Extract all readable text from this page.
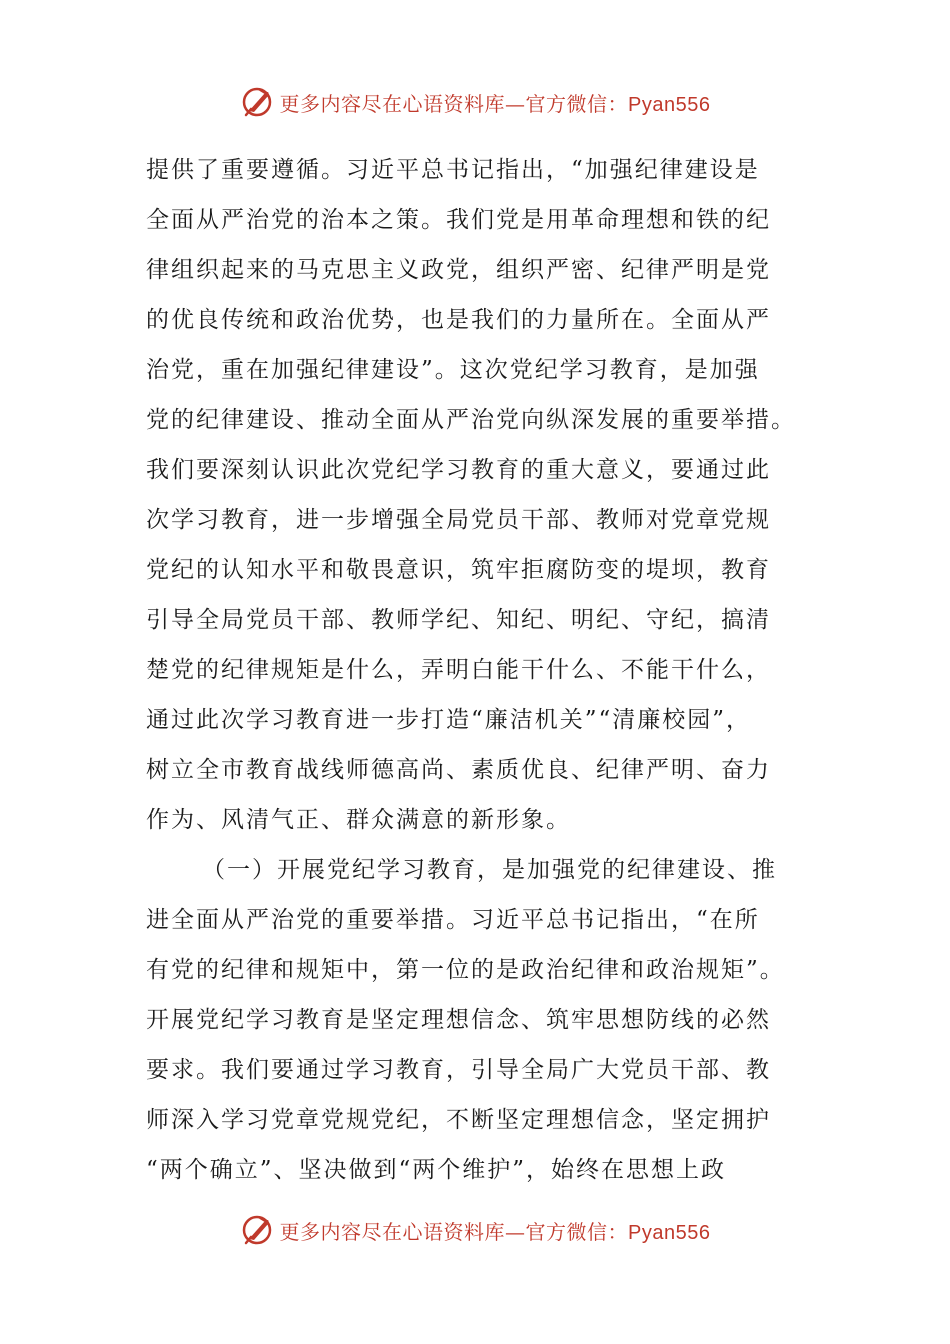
更多内容尽在心语资料库—官方微信：Pyan556
提供了重要遵循。习近平总书记指出，“加强纪律建设是
全面从严治党的治本之策。我们党是用革命理想和铁的纪
律组织起来的马克思主义政党，组织严密、纪律严明是党
的优良传统和政治优势，也是我们的力量所在。全面从严
治党，重在加强纪律建设”。这次党纪学习教育，是加强
党的纪律建设、推动全面从严治党向纵深发展的重要举措。
我们要深刻认识此次党纪学习教育的重大意义，要通过此
次学习教育，进一步增强全局党员干部、教师对党章党规
党纪的认知水平和敬畏意识，筑牢拒腐防变的堤坝，教育
引导全局党员干部、教师学纪、知纪、明纪、守纪，搞清
楚党的纪律规矩是什么，弄明白能干什么、不能干什么，
通过此次学习教育进一步打造“廉洁机关”“清廉校园”，
树立全市教育战线师德高尚、素质优良、纪律严明、奋力
作为、风清气正、群众满意的新形象。
（一）开展党纪学习教育，是加强党的纪律建设、推
进全面从严治党的重要举措。习近平总书记指出，“在所
有党的纪律和规矩中，第一位的是政治纪律和政治规矩”。
开展党纪学习教育是坚定理想信念、筑牢思想防线的必然
要求。我们要通过学习教育，引导全局广大党员干部、教
师深入学习党章党规党纪，不断坚定理想信念，坚定拥护
“两个确立”、坚决做到“两个维护”，始终在思想上政
更多内容尽在心语资料库—官方微信：Pyan556
